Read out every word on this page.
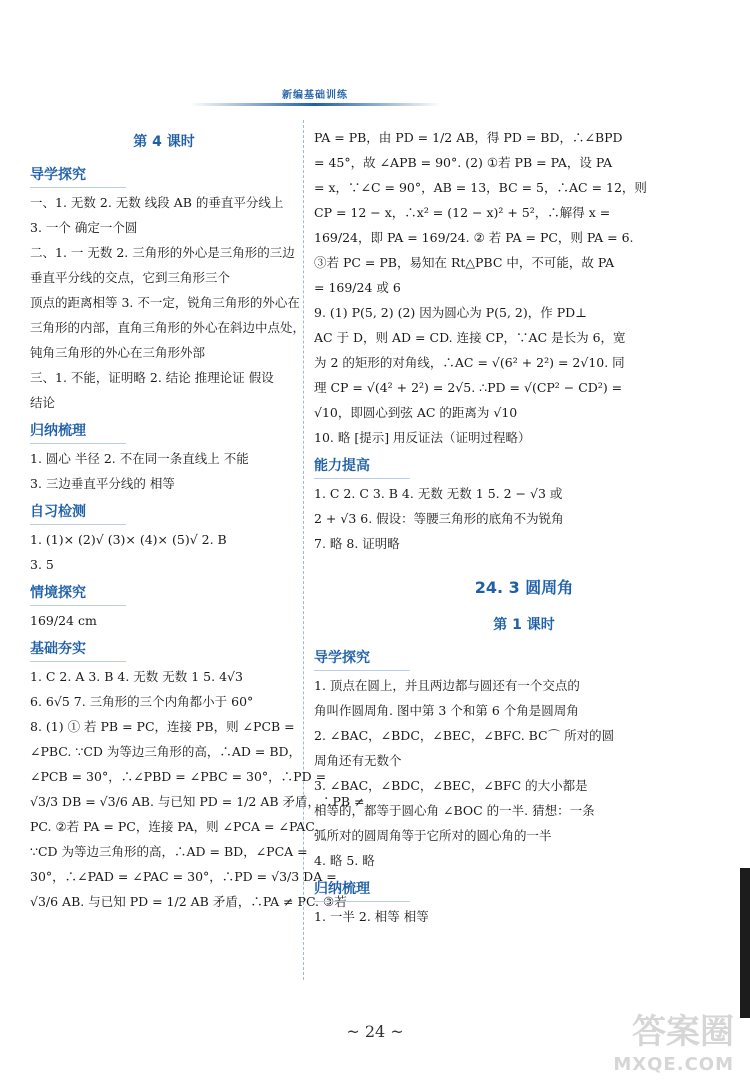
新编基础训练
第 4 课时
导学探究
一、1. 无数 2. 无数 线段 AB 的垂直平分线上
3. 一个 确定一个圆
二、1. 一 无数 2. 三角形的外心是三角形的三边
垂直平分线的交点，它到三角形三个
顶点的距离相等 3. 不一定，锐角三角形的外心在
三角形的内部，直角三角形的外心在斜边中点处，
钝角三角形的外心在三角形外部
三、1. 不能，证明略 2. 结论 推理论证 假设
结论
归纳梳理
1. 圆心 半径 2. 不在同一条直线上 不能
3. 三边垂直平分线的 相等
自习检测
1. (1)× (2)√ (3)× (4)× (5)√ 2. B
3. 5
情境探究
169/24 cm
基础夯实
1. C 2. A 3. B 4. 无数 无数 1 5. 4√3
6. 6√5 7. 三角形的三个内角都小于 60°
8. (1) ① 若 PB = PC，连接 PB，则 ∠PCB =
∠PBC. ∵CD 为等边三角形的高，∴AD = BD，
∠PCB = 30°，∴∠PBD = ∠PBC = 30°，∴PD =
√3/3 DB = √3/6 AB. 与已知 PD = 1/2 AB 矛盾，∴PB ≠
PC. ②若 PA = PC，连接 PA，则 ∠PCA = ∠PAC.
∵CD 为等边三角形的高，∴AD = BD，∠PCA =
30°，∴∠PAD = ∠PAC = 30°，∴PD = √3/3 DA =
√3/6 AB. 与已知 PD = 1/2 AB 矛盾，∴PA ≠ PC. ③若
PA = PB，由 PD = 1/2 AB，得 PD = BD，∴∠BPD
= 45°，故 ∠APB = 90°. (2) ①若 PB = PA，设 PA
= x，∵∠C = 90°，AB = 13，BC = 5，∴AC = 12，则
CP = 12 − x，∴x² = (12 − x)² + 5²，∴解得 x =
169/24，即 PA = 169/24. ② 若 PA = PC，则 PA = 6.
③若 PC = PB，易知在 Rt△PBC 中，不可能，故 PA
= 169/24 或 6
9. (1) P(5, 2) (2) 因为圆心为 P(5, 2)，作 PD⊥
AC 于 D，则 AD = CD. 连接 CP，∵AC 是长为 6，宽
为 2 的矩形的对角线，∴AC = √(6² + 2²) = 2√10. 同
理 CP = √(4² + 2²) = 2√5. ∴PD = √(CP² − CD²) =
√10，即圆心到弦 AC 的距离为 √10
10. 略 [提示] 用反证法（证明过程略）
能力提高
1. C 2. C 3. B 4. 无数 无数 1 5. 2 − √3 或
2 + √3 6. 假设：等腰三角形的底角不为锐角
7. 略 8. 证明略
24. 3 圆周角
第 1 课时
导学探究
1. 顶点在圆上，并且两边都与圆还有一个交点的
角叫作圆周角. 图中第 3 个和第 6 个角是圆周角
2. ∠BAC，∠BDC，∠BEC，∠BFC. BC⌒ 所对的圆
周角还有无数个
3. ∠BAC，∠BDC，∠BEC，∠BFC 的大小都是
相等的，都等于圆心角 ∠BOC 的一半. 猜想：一条
弧所对的圆周角等于它所对的圆心角的一半
4. 略 5. 略
归纳梳理
1. 一半 2. 相等 相等
~ 24 ~	答案圈
MXQE.COM
